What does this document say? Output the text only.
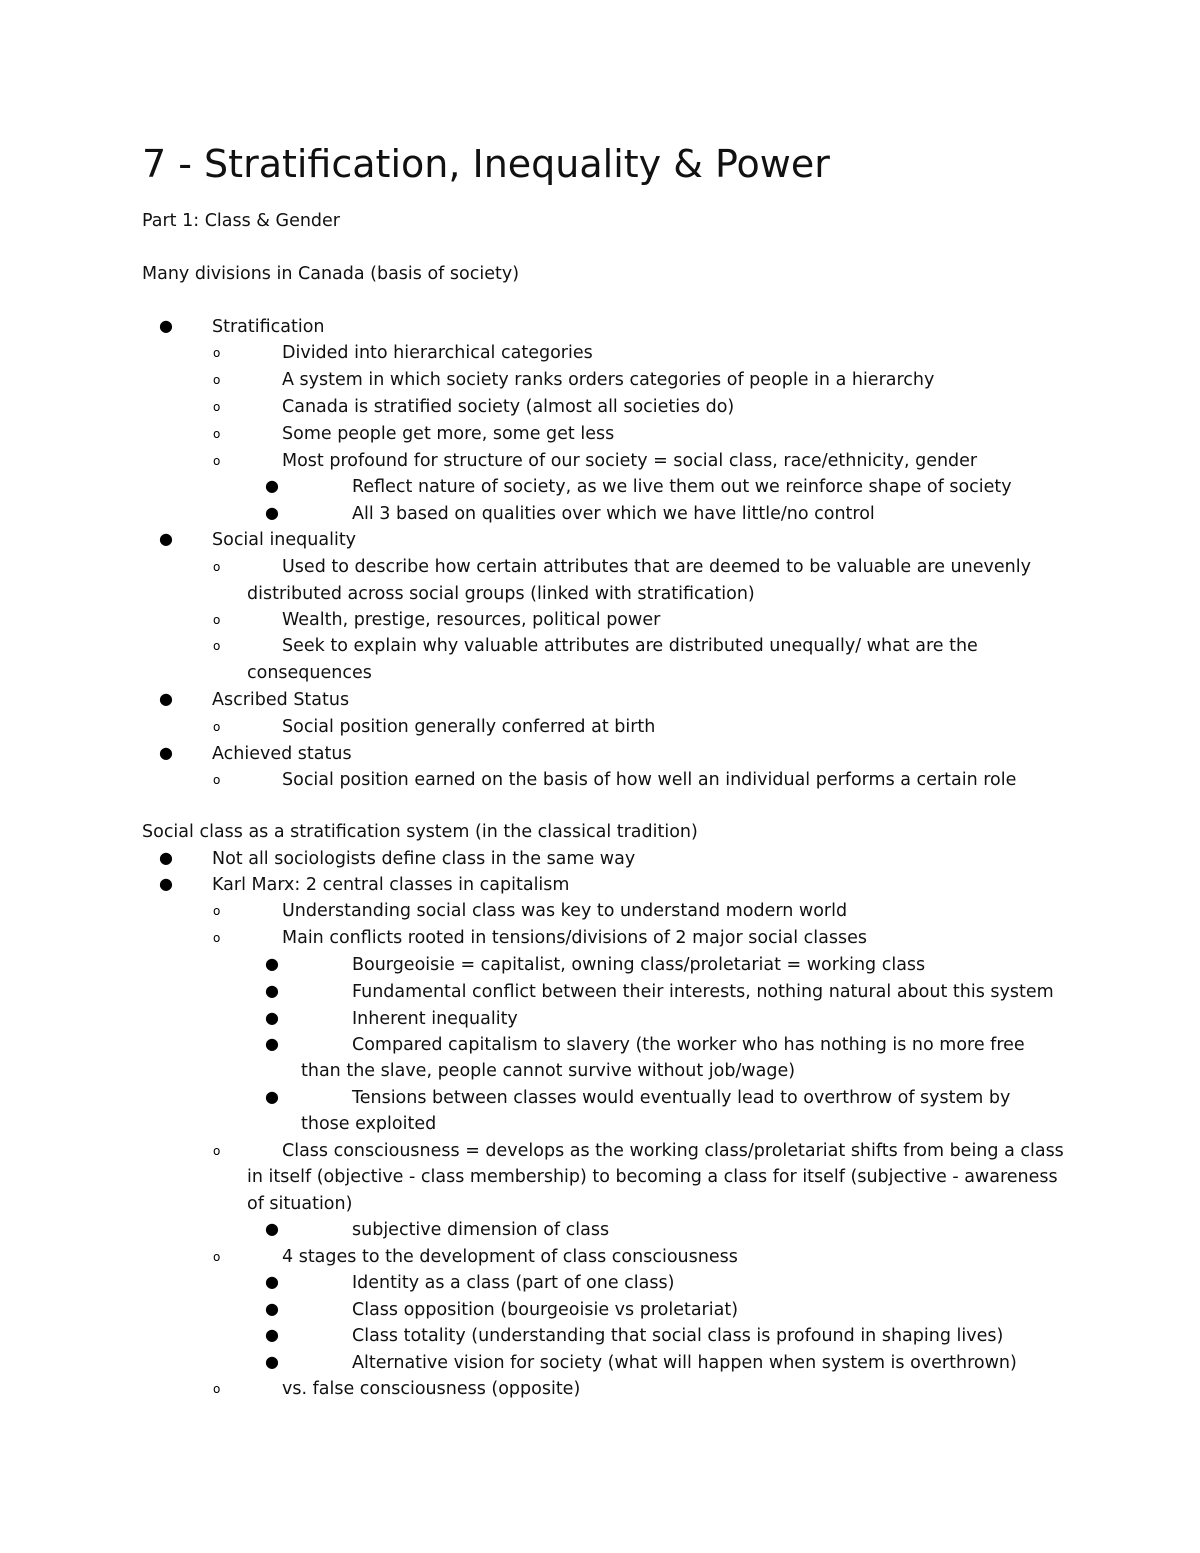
7 - Stratification, Inequality & Power
Part 1: Class & Gender
Many divisions in Canada (basis of society)
● Stratification
o	Divided into hierarchical categories
o	A system in which society ranks orders categories of people in a hierarchy
o	Canada is stratified society (almost all societies do)
o	Some people get more, some get less
o	Most profound for structure of our society = social class, race/ethnicity, gender
●	Reflect nature of society, as we live them out we reinforce shape of society
●	All 3 based on qualities over which we have little/no control
● Social inequality
o	Used to describe how certain attributes that are deemed to be valuable are unevenly
distributed across social groups (linked with stratification)
o	Wealth, prestige, resources, political power
o	Seek to explain why valuable attributes are distributed unequally/ what are the
consequences
● Ascribed Status
o	Social position generally conferred at birth
● Achieved status
o	Social position earned on the basis of how well an individual performs a certain role
Social class as a stratification system (in the classical tradition)
● Not all sociologists define class in the same way
● Karl Marx: 2 central classes in capitalism
o	Understanding social class was key to understand modern world
o	Main conflicts rooted in tensions/divisions of 2 major social classes
●	Bourgeoisie = capitalist, owning class/proletariat = working class
●	Fundamental conflict between their interests, nothing natural about this system
●	Inherent inequality
●	Compared capitalism to slavery (the worker who has nothing is no more free
than the slave, people cannot survive without job/wage)
●	Tensions between classes would eventually lead to overthrow of system by
those exploited
o	Class consciousness = develops as the working class/proletariat shifts from being a class
in itself (objective - class membership) to becoming a class for itself (subjective - awareness
of situation)
●	subjective dimension of class
o	4 stages to the development of class consciousness
●	Identity as a class (part of one class)
●	Class opposition (bourgeoisie vs proletariat)
●	Class totality (understanding that social class is profound in shaping lives)
●	Alternative vision for society (what will happen when system is overthrown)
o	vs. false consciousness (opposite)
